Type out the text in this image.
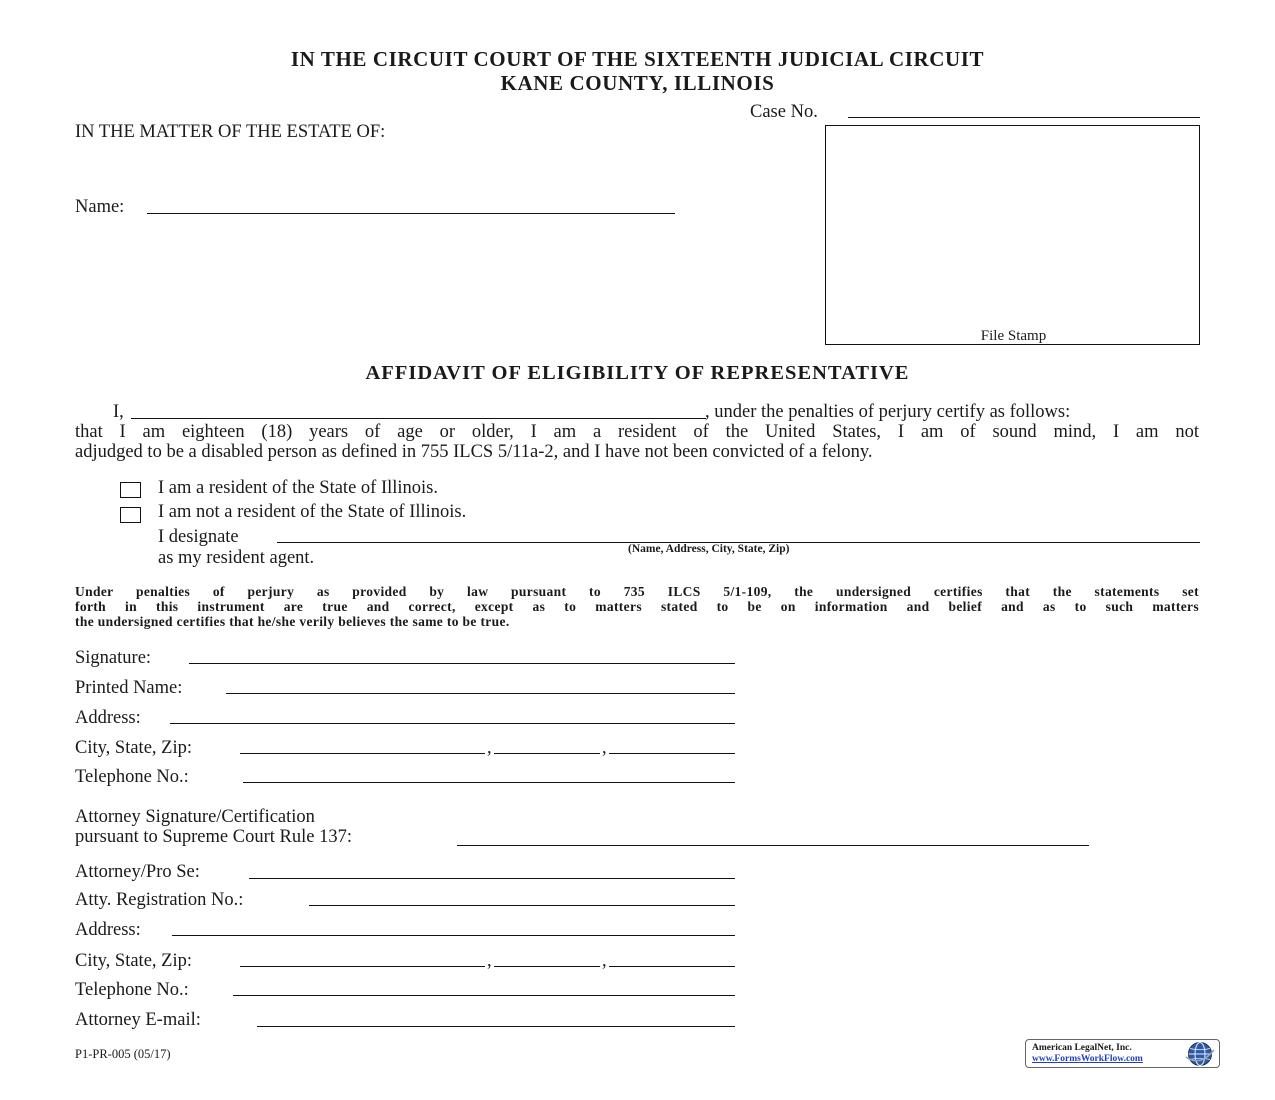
IN THE CIRCUIT COURT OF THE SIXTEENTH JUDICIAL CIRCUIT
KANE COUNTY, ILLINOIS
Case No.
IN THE MATTER OF THE ESTATE OF:
Name:
File Stamp
AFFIDAVIT OF ELIGIBILITY OF REPRESENTATIVE
I,	, under the penalties of perjury certify as follows:
that I am eighteen (18) years of age or older, I am a resident of the United States, I am of sound mind, I am not
adjudged to be a disabled person as defined in 755 ILCS 5/11a-2, and I have not been convicted of a felony.
I am a resident of the State of Illinois.
I am not a resident of the State of Illinois.
I designate
(Name, Address, City, State, Zip)
as my resident agent.
Under penalties of perjury as provided by law pursuant to 735 ILCS 5/1-109, the undersigned certifies that the statements set
forth in this instrument are true and correct, except as to matters stated to be on information and belief and as to such matters
the undersigned certifies that he/she verily believes the same to be true.
Signature:
Printed Name:
Address:
City, State, Zip:	,	,
Telephone No.:
Attorney Signature/Certification
pursuant to Supreme Court Rule 137:
Attorney/Pro Se:
Atty. Registration No.:
Address:
City, State, Zip:	,	,
Telephone No.:
Attorney E-mail:
P1-PR-005 (05/17)	American LegalNet, Inc.
www.FormsWorkFlow.com
